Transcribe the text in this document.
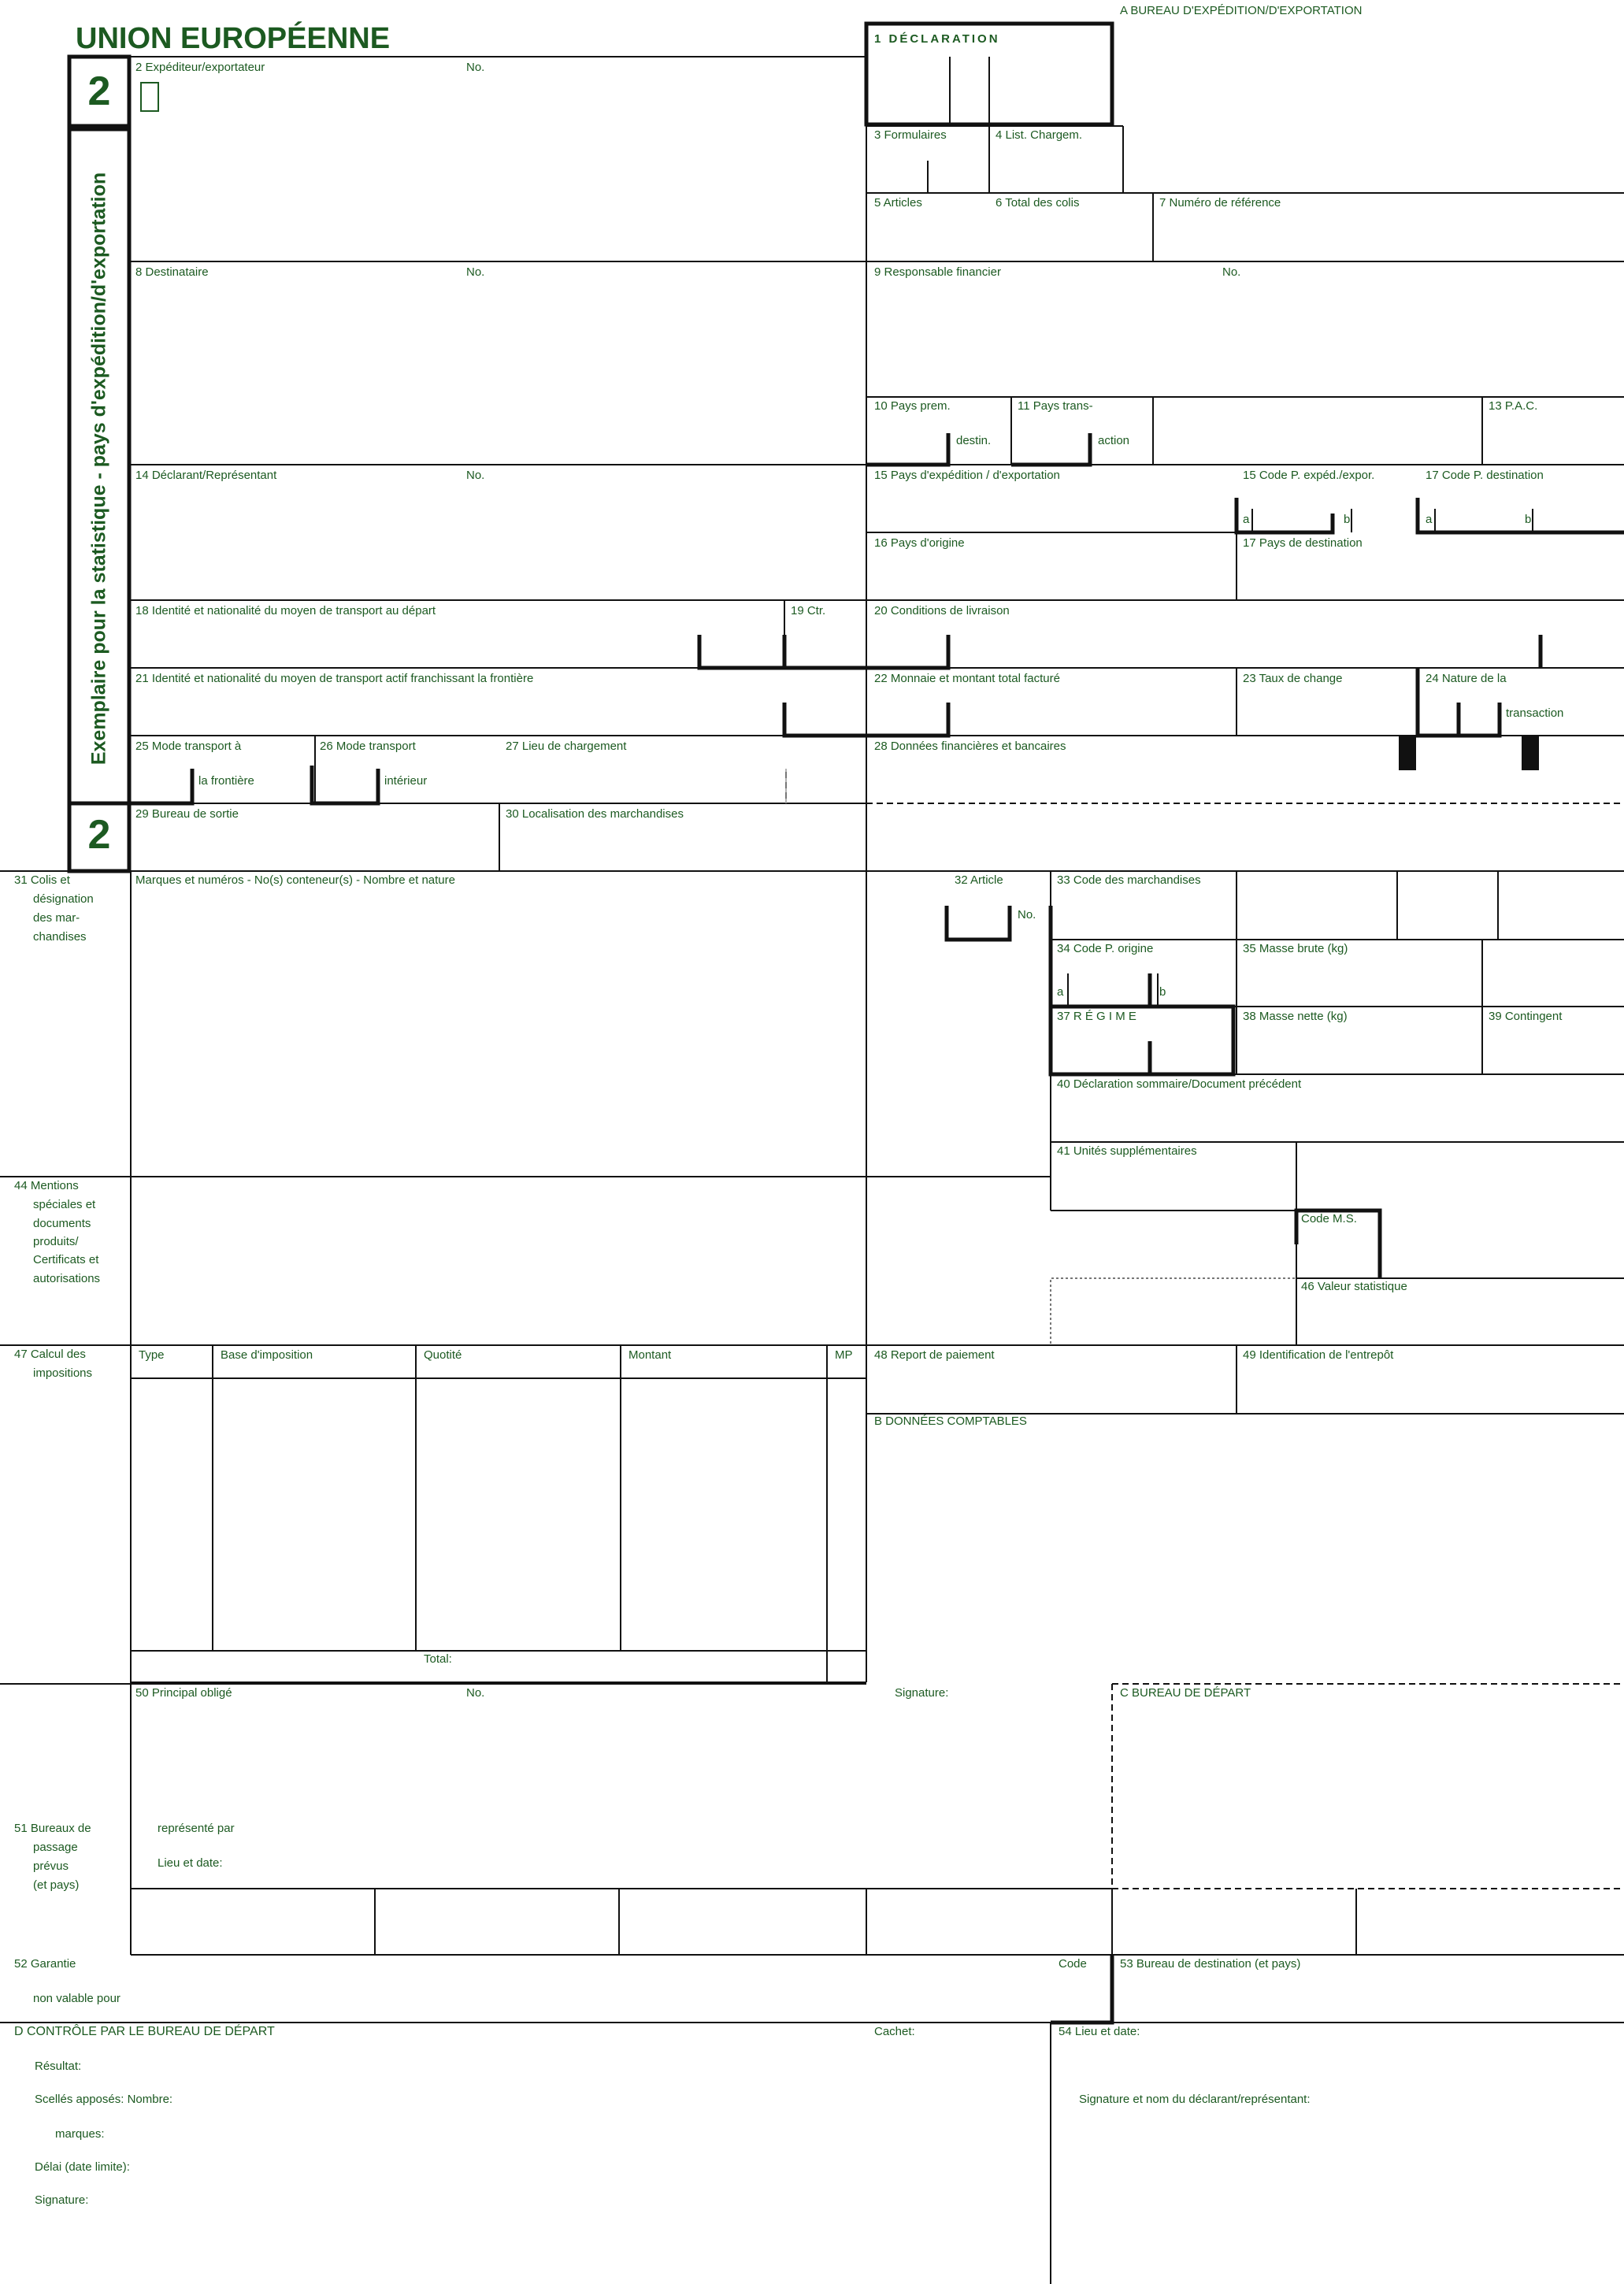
UNION EUROPÉENNE
2
2
Exemplaire pour la statistique - pays d'expédition/d'exportation
A BUREAU D'EXPÉDITION/D'EXPORTATION
1 DÉCLARATION
2 Expéditeur/exportateur	No.
3 Formulaires	4 List. Chargem.
5 Articles	6 Total des colis	7 Numéro de référence
8 Destinataire	No.	9 Responsable financier	No.
10 Pays prem.
destin.
11 Pays trans-
action
13 P.A.C.
14 Déclarant/Représentant	No.	15 Pays d'expédition / d'exportation	15 Code P. expéd./expor.	17 Code P. destination
a	b	a	b
16 Pays d'origine	17 Pays de destination
18 Identité et nationalité du moyen de transport au départ	19 Ctr.	20 Conditions de livraison
21 Identité et nationalité du moyen de transport actif franchissant la frontière	22 Monnaie et montant total facturé	23 Taux de change	24 Nature de la
transaction
25 Mode transport à
la frontière
26 Mode transport
intérieur
27 Lieu de chargement	28 Données financières et bancaires
29 Bureau de sortie	30 Localisation des marchandises
31 Colis et
désignation
des mar-
chandises
Marques et numéros - No(s) conteneur(s) - Nombre et nature	32 Article
No.
33 Code des marchandises
34 Code P. origine	35 Masse brute (kg)
a	b
37 R É G I M E	38 Masse nette (kg)	39 Contingent
40 Déclaration sommaire/Document précédent
41 Unités supplémentaires
Code M.S.
44 Mentions
spéciales et
documents
produits/
Certificats et
autorisations
46 Valeur statistique
47 Calcul des
impositions
Type	Base d'imposition	Quotité	Montant	MP
Total:
48 Report de paiement	49 Identification de l'entrepôt
B DONNÉES COMPTABLES
50 Principal obligé	No.	Signature:	C BUREAU DE DÉPART
51 Bureaux de
passage
prévus
(et pays)
représenté par
Lieu et date:
52 Garantie
non valable pour
Code	53 Bureau de destination (et pays)
D CONTRÔLE PAR LE BUREAU DE DÉPART	Cachet:	54 Lieu et date:
Résultat:
Scellés apposés: Nombre:
marques:
Délai (date limite):
Signature:
Signature et nom du déclarant/représentant:
